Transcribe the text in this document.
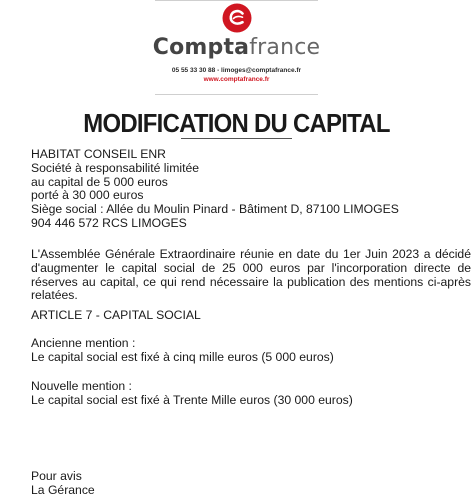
Comptafrance
05 55 33 30 88 - limoges@comptafrance.fr
www.comptafrance.fr
MODIFICATION DU CAPITAL
HABITAT CONSEIL ENR
Société à responsabilité limitée
au capital de 5 000 euros
porté à 30 000 euros
Siège social : Allée du Moulin Pinard - Bâtiment D, 87100 LIMOGES
904 446 572 RCS LIMOGES
L'Assemblée Générale Extraordinaire réunie en date du 1er Juin 2023 a décidé d'augmenter le capital social de 25 000 euros par l'incorporation directe de réserves au capital, ce qui rend nécessaire la publication des mentions ci-après relatées.
ARTICLE 7 - CAPITAL SOCIAL
Ancienne mention :
Le capital social est fixé à cinq mille euros (5 000 euros)
Nouvelle mention :
Le capital social est fixé à Trente Mille euros (30 000 euros)
Pour avis
La Gérance
